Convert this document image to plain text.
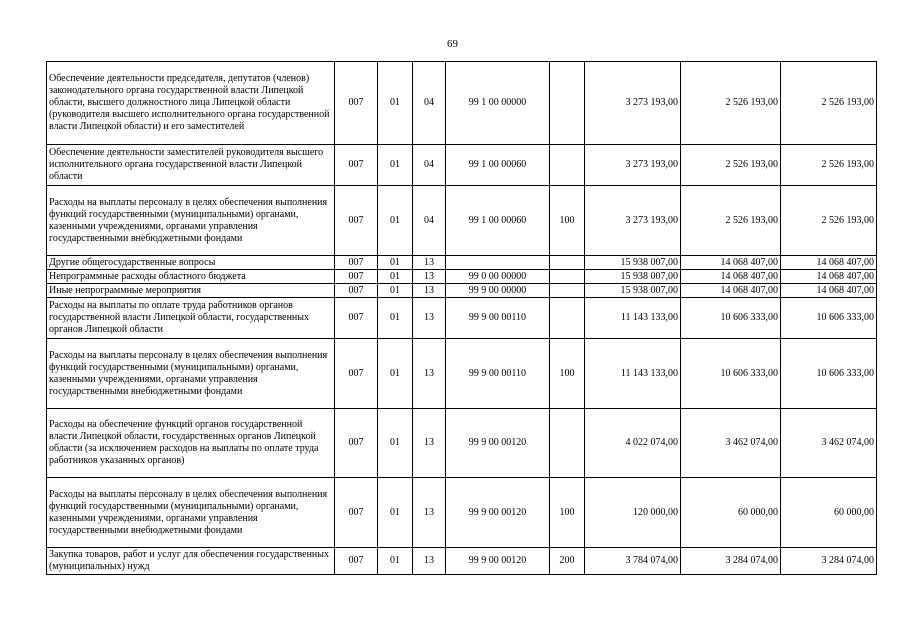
69
Обеспечение деятельности председателя, депутатов (членов) законодательного органа государственной власти Липецкой области, высшего должностного лица Липецкой области (руководителя высшего исполнительного органа государственной власти Липецкой области) и его заместителей	007	01	04	99 1 00 00000		3 273 193,00	2 526 193,00	2 526 193,00
Обеспечение деятельности заместителей руководителя высшего исполнительного органа государственной власти Липецкой области	007	01	04	99 1 00 00060		3 273 193,00	2 526 193,00	2 526 193,00
Расходы на выплаты персоналу в целях обеспечения выполнения функций государственными (муниципальными) органами, казенными учреждениями, органами управления государственными внебюджетными фондами	007	01	04	99 1 00 00060	100	3 273 193,00	2 526 193,00	2 526 193,00
Другие общегосударственные вопросы	007	01	13			15 938 007,00	14 068 407,00	14 068 407,00
Непрограммные расходы областного бюджета	007	01	13	99 0 00 00000		15 938 007,00	14 068 407,00	14 068 407,00
Иные непрограммные мероприятия	007	01	13	99 9 00 00000		15 938 007,00	14 068 407,00	14 068 407,00
Расходы на выплаты по оплате труда работников органов государственной власти Липецкой области, государственных органов Липецкой области	007	01	13	99 9 00 00110		11 143 133,00	10 606 333,00	10 606 333,00
Расходы на выплаты персоналу в целях обеспечения выполнения функций государственными (муниципальными) органами, казенными учреждениями, органами управления государственными внебюджетными фондами	007	01	13	99 9 00 00110	100	11 143 133,00	10 606 333,00	10 606 333,00
Расходы на обеспечение функций органов государственной власти Липецкой области, государственных органов Липецкой области (за исключением расходов на выплаты по оплате труда работников указанных органов)	007	01	13	99 9 00 00120		4 022 074,00	3 462 074,00	3 462 074,00
Расходы на выплаты персоналу в целях обеспечения выполнения функций государственными (муниципальными) органами, казенными учреждениями, органами управления государственными внебюджетными фондами	007	01	13	99 9 00 00120	100	120 000,00	60 000,00	60 000,00
Закупка товаров, работ и услуг для обеспечения государственных (муниципальных) нужд	007	01	13	99 9 00 00120	200	3 784 074,00	3 284 074,00	3 284 074,00
